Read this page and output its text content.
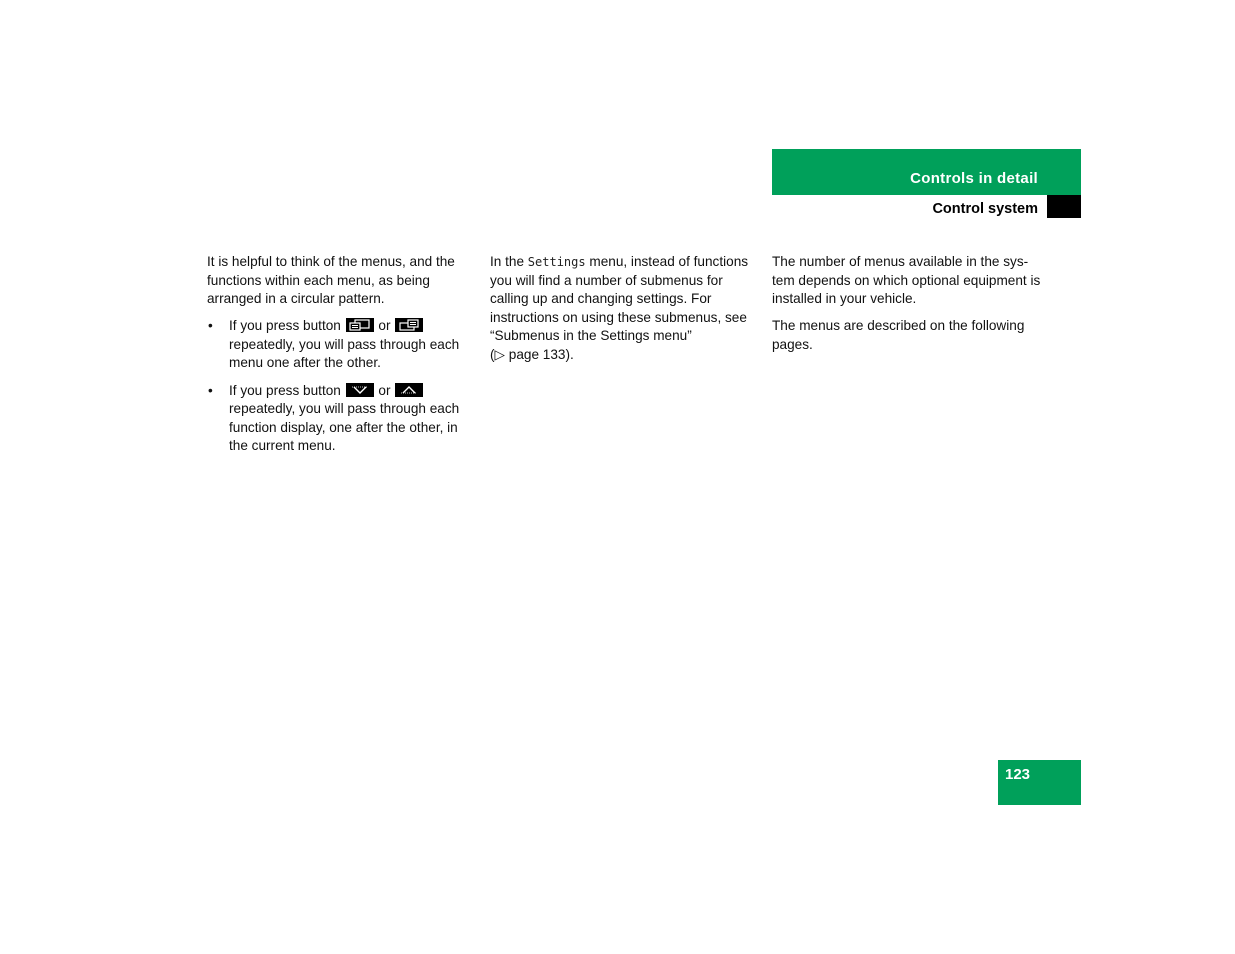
Controls in detail
Control system

It is helpful to think of the menus, and the functions within each menu, as being arranged in a circular pattern.

• If you press button	or
repeatedly, you will pass through each menu one after the other.
• If you press button	or
repeatedly, you will pass through each function display, one after the other, in the current menu.

In the Settings menu, instead of functions you will find a number of submenus for calling up and changing settings. For instructions on using these submenus, see “Submenus in the Settings menu”
(▷ page 133).

The number of menus available in the sys-tem depends on which optional equipment is installed in your vehicle.

The menus are described on the following pages.

123
